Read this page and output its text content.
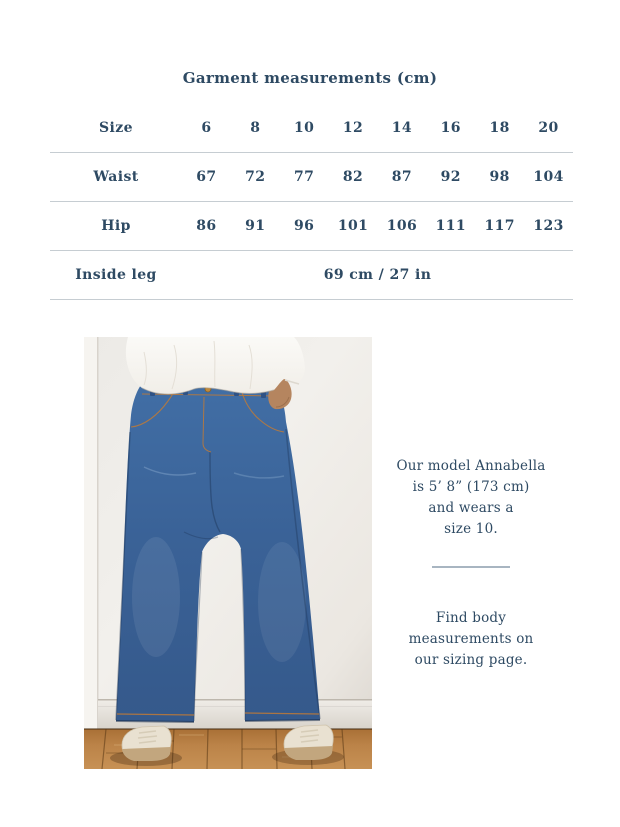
Garment measurements (cm)
Size	6	8	10	12	14	16	18	20
Waist	67	72	77	82	87	92	98	104
Hip	86	91	96	101	106	111	117	123
Inside leg	69 cm / 27 in

Our model Annabella
is 5’ 8” (173 cm)
and wears a
size 10.

Find body
measurements on
our sizing page.
